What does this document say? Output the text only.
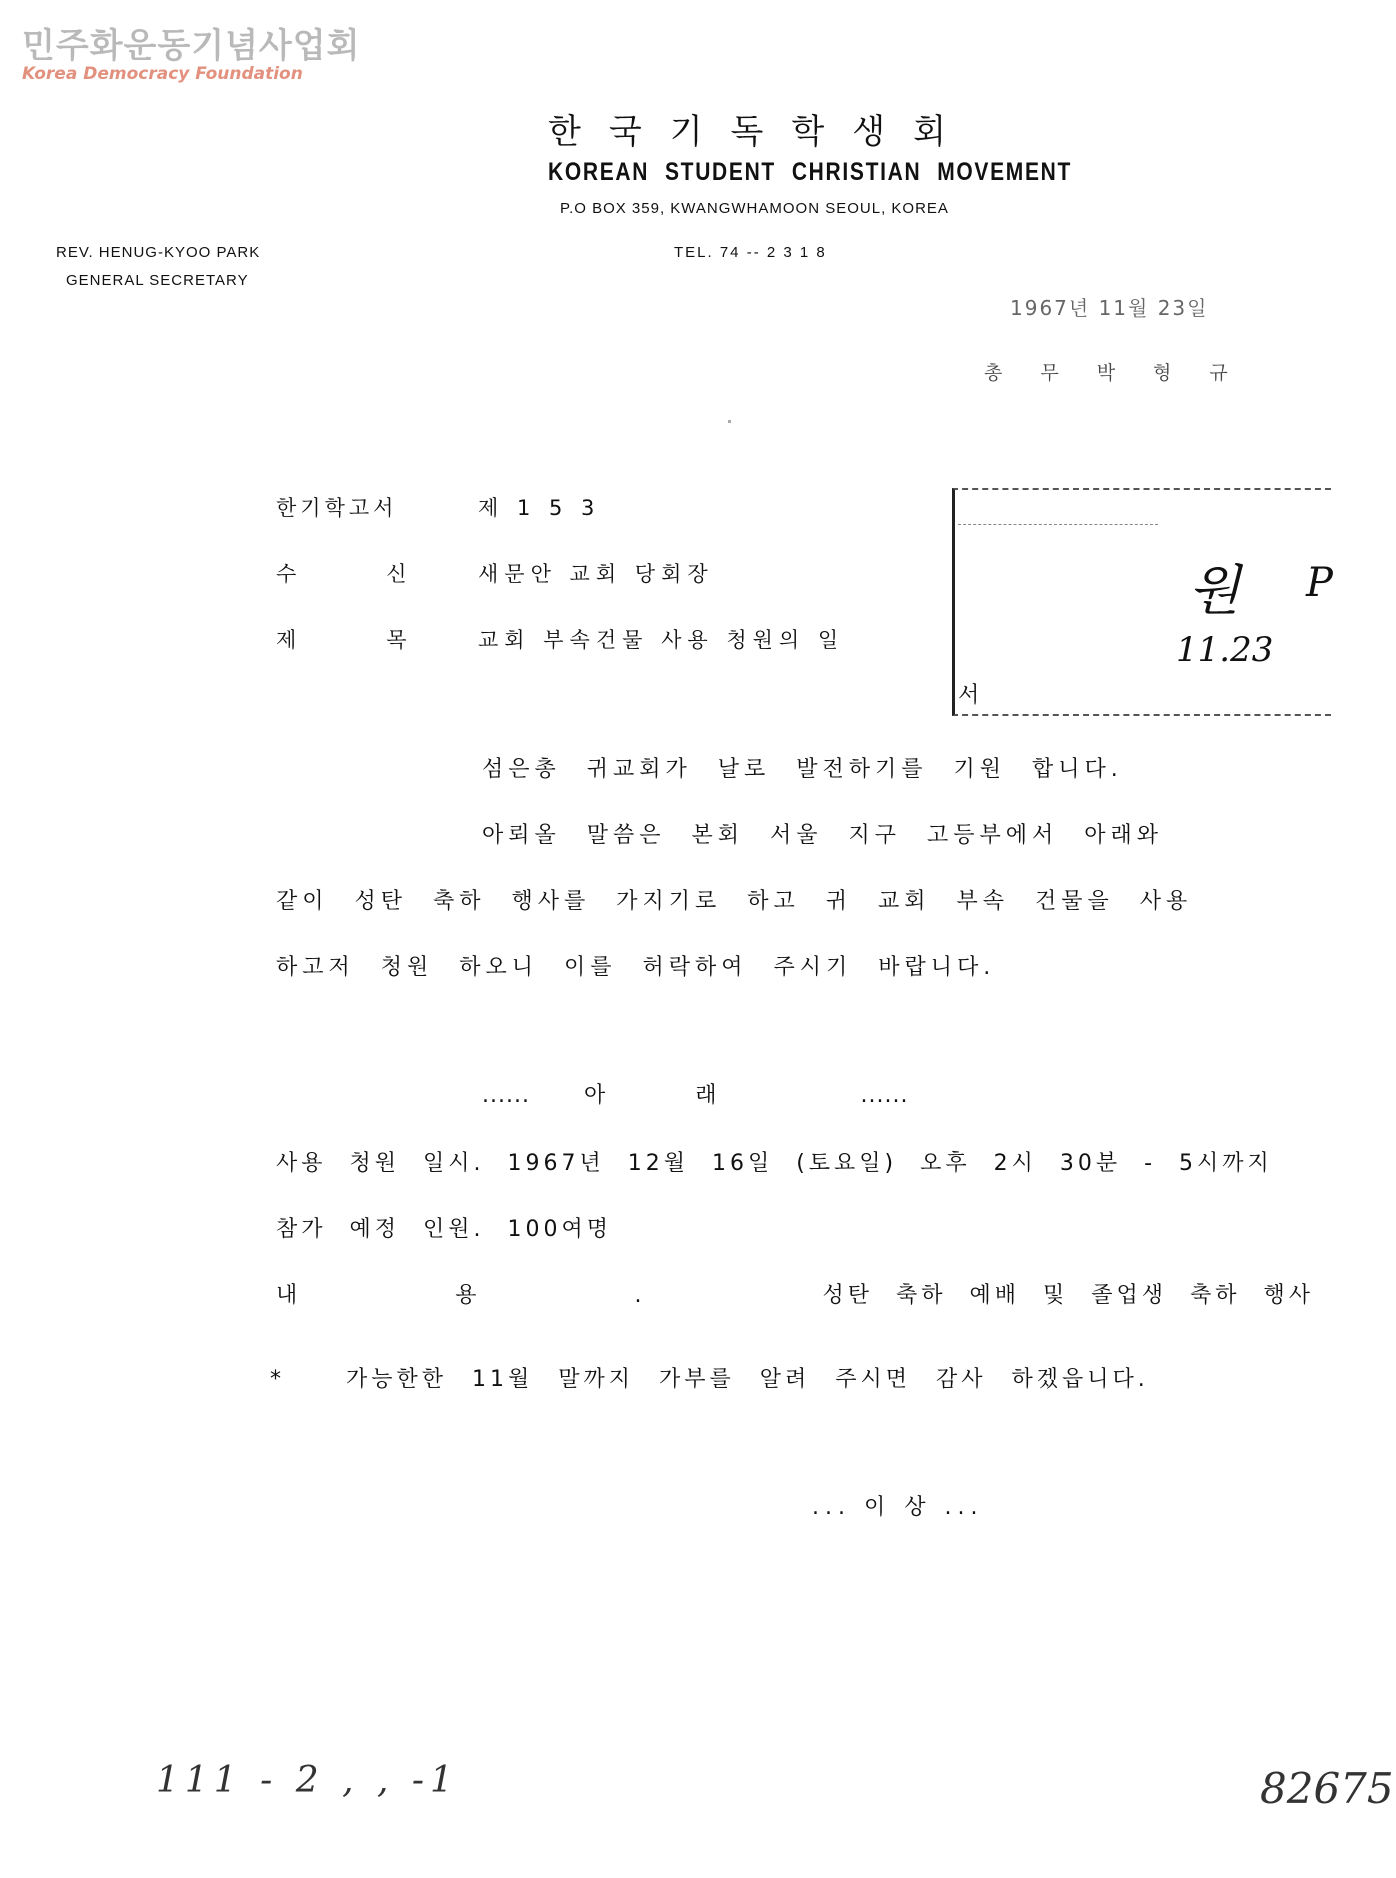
민주화운동기념사업회
Korea Democracy Foundation
한국기독학생회
KOREAN STUDENT CHRISTIAN MOVEMENT
P.O BOX 359, KWANGWHAMOON SEOUL, KOREA
TEL. 74 -- 2 3 1 8
REV. HENUG-KYOO PARK
GENERAL SECRETARY
1967년 11월 23일
총무박형규
한기학고서	제 1 5 3
수신
새문안 교회 당회장
제목
교회 부속건물 사용 청원의 일
원 P
11.23
서
섬은총 귀교회가 날로 발전하기를 기원 합니다.
아뢰올 말씀은 본회 서울 지구 고등부에서 아래와
같이 성탄 축하 행사를 가지기로 하고 귀 교회 부속 건물을 사용
하고저 청원 하오니 이를 허락하여 주시기 바랍니다.
...... 아래 ......
사용 청원 일시. 1967년 12월 16일 (토요일) 오후 2시 30분 - 5시까지
참가 예정 인원. 100여명
내용. 성탄 축하 예배 및 졸업생 축하 행사
*	가능한한 11월 말까지 가부를 알려 주시면 감사 하겠읍니다.
... 이 상 ...
111 - 2 , , -1	82675
